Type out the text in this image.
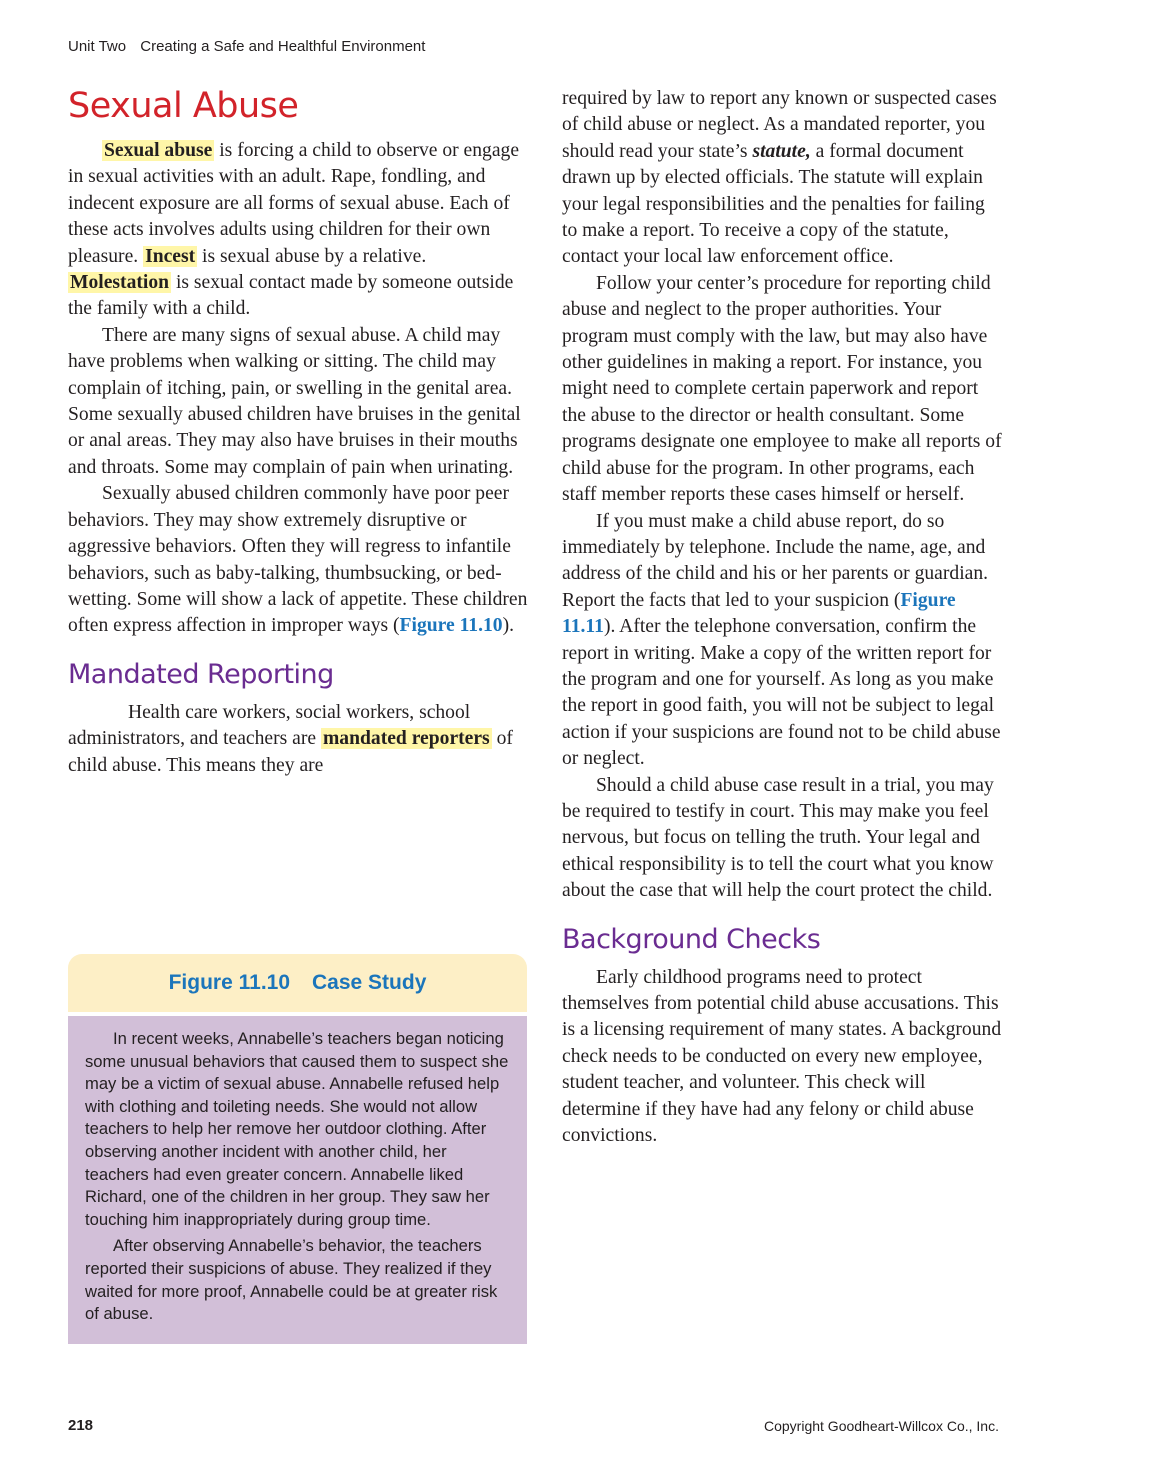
Unit Two Creating a Safe and Healthful Environment
Sexual Abuse

Sexual abuse is forcing a child to observe or engage in sexual activities with an adult. Rape, fondling, and indecent exposure are all forms of sexual abuse. Each of these acts involves adults using children for their own pleasure. Incest is sexual abuse by a relative. Molestation is sexual contact made by someone outside the family with a child.

There are many signs of sexual abuse. A child may have problems when walking or sitting. The child may complain of itching, pain, or swelling in the genital area. Some sexually abused children have bruises in the genital or anal areas. They may also have bruises in their mouths and throats. Some may complain of pain when urinating.

Sexually abused children commonly have poor peer behaviors. They may show extremely disruptive or aggressive behaviors. Often they will regress to infantile behaviors, such as baby-talking, thumbsucking, or bed-wetting. Some will show a lack of appetite. These children often express affection in improper ways (Figure 11.10).

Mandated Reporting

Health care workers, social workers, school administrators, and teachers are mandated reporters of child abuse. This means they are

Figure 11.10 Case Study

In recent weeks, Annabelle’s teachers began noticing some unusual behaviors that caused them to suspect she may be a victim of sexual abuse. Annabelle refused help with clothing and toileting needs. She would not allow teachers to help her remove her outdoor clothing. After observing another incident with another child, her teachers had even greater concern. Annabelle liked Richard, one of the children in her group. They saw her touching him inappropriately during group time.

After observing Annabelle’s behavior, the teachers reported their suspicions of abuse. They realized if they waited for more proof, Annabelle could be at greater risk of abuse.

required by law to report any known or suspected cases of child abuse or neglect. As a mandated reporter, you should read your state’s statute, a formal document drawn up by elected officials. The statute will explain your legal responsibilities and the penalties for failing to make a report. To receive a copy of the statute, contact your local law enforcement office.

Follow your center’s procedure for reporting child abuse and neglect to the proper authorities. Your program must comply with the law, but may also have other guidelines in making a report. For instance, you might need to complete certain paperwork and report the abuse to the director or health consultant. Some programs designate one employee to make all reports of child abuse for the program. In other programs, each staff member reports these cases himself or herself.

If you must make a child abuse report, do so immediately by telephone. Include the name, age, and address of the child and his or her parents or guardian. Report the facts that led to your suspicion (Figure 11.11). After the telephone conversation, confirm the report in writing. Make a copy of the written report for the program and one for yourself. As long as you make the report in good faith, you will not be subject to legal action if your suspicions are found not to be child abuse or neglect.

Should a child abuse case result in a trial, you may be required to testify in court. This may make you feel nervous, but focus on telling the truth. Your legal and ethical responsibility is to tell the court what you know about the case that will help the court protect the child.

Background Checks

Early childhood programs need to protect themselves from potential child abuse accusations. This is a licensing requirement of many states. A background check needs to be conducted on every new employee, student teacher, and volunteer. This check will determine if they have had any felony or child abuse convictions.

218	Copyright Goodheart-Willcox Co., Inc.
